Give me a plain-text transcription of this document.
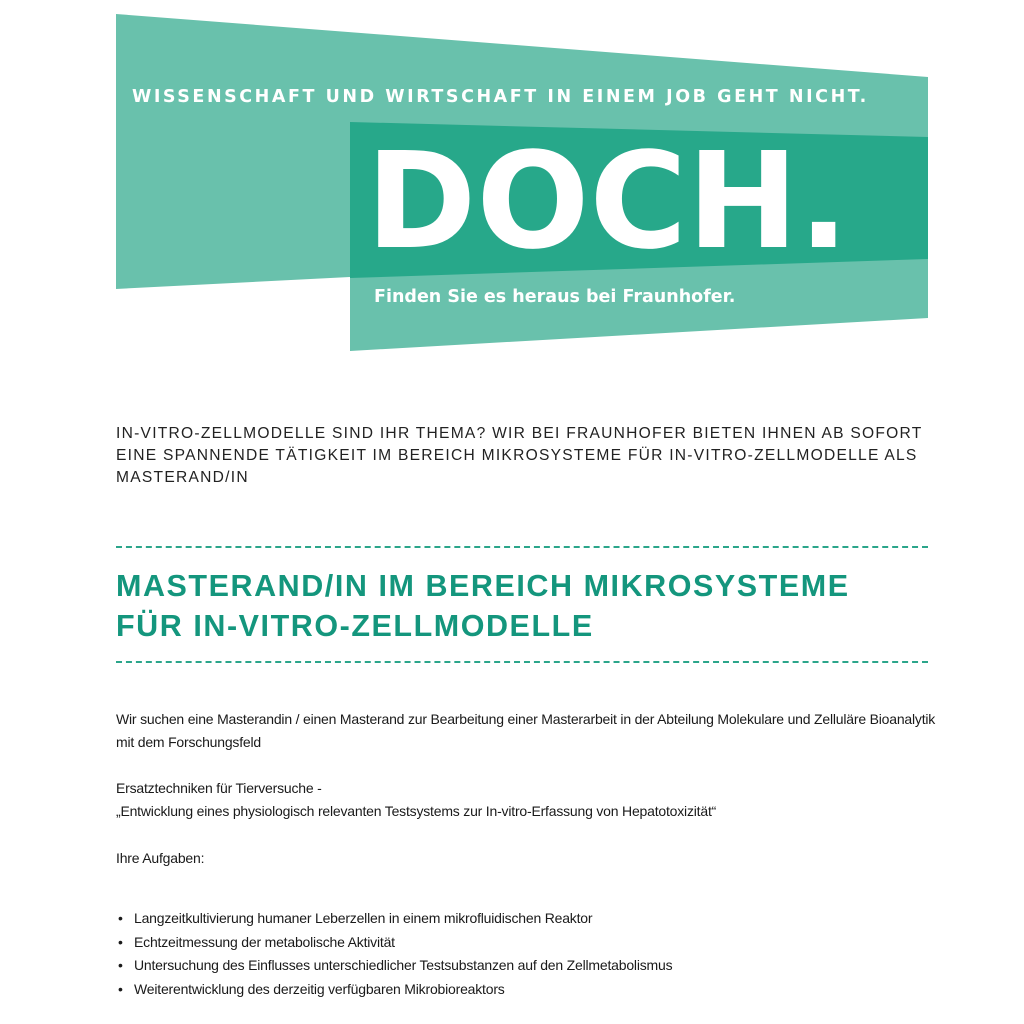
WISSENSCHAFT UND WIRTSCHAFT IN EINEM JOB GEHT NICHT.

DOCH.

Finden Sie es heraus bei Fraunhofer.

IN-VITRO-ZELLMODELLE SIND IHR THEMA? WIR BEI FRAUNHOFER BIETEN IHNEN AB SOFORT EINE SPANNENDE TÄTIGKEIT IM BEREICH MIKROSYSTEME FÜR IN-VITRO-ZELLMODELLE ALS MASTERAND/IN

MASTERAND/IN IM BEREICH MIKROSYSTEME
FÜR IN-VITRO-ZELLMODELLE

Wir suchen eine Masterandin / einen Masterand zur Bearbeitung einer Masterarbeit in der Abteilung Molekulare und Zelluläre Bioanalytik mit dem Forschungsfeld

Ersatztechniken für Tierversuche -
„Entwicklung eines physiologisch relevanten Testsystems zur In-vitro-Erfassung von Hepatotoxizität“

Ihre Aufgaben:

• Langzeitkultivierung humaner Leberzellen in einem mikrofluidischen Reaktor
• Echtzeitmessung der metabolische Aktivität
• Untersuchung des Einflusses unterschiedlicher Testsubstanzen auf den Zellmetabolismus
• Weiterentwicklung des derzeitig verfügbaren Mikrobioreaktors
